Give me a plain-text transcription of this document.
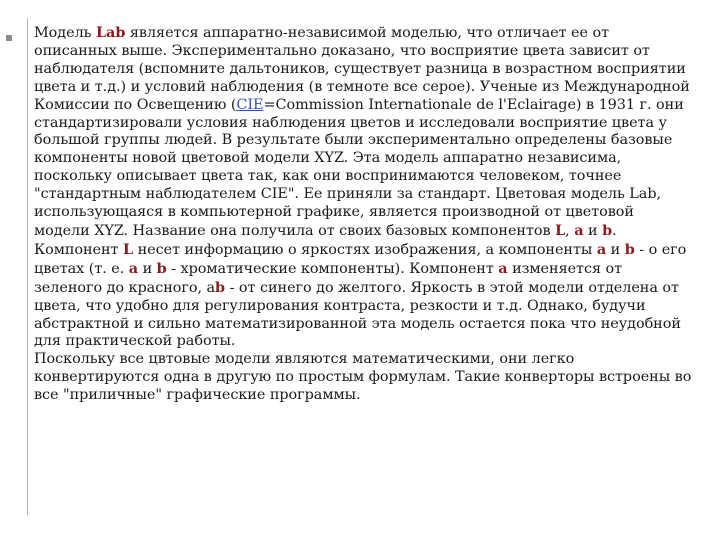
Модель Lab является аппаратно-независимой моделью, что отличает ее от описанных выше. Экспериментально доказано, что восприятие цвета зависит от наблюдателя (вспомните дальтоников, существует разница в возрастном восприятии цвета и т.д.) и условий наблюдения (в темноте все серое). Ученые из Международной Комиссии по Освещению (CIE=Commission Internationale de l'Eclairage) в 1931 г. они стандартизировали условия наблюдения цветов и исследовали восприятие цвета у большой группы людей. В результате были экспериментально определены базовые компоненты новой цветовой модели XYZ. Эта модель аппаратно независима, поскольку описывает цвета так, как они воспринимаются человеком, точнее "стандартным наблюдателем CIE". Ее приняли за стандарт. Цветовая модель Lab, использующаяся в компьютерной графике, является производной от цветовой модели XYZ. Название она получила от своих базовых компонентов L, a и b. Компонент L несет информацию о яркостях изображения, а компоненты a и b - о его цветах (т. е. a и b - хроматические компоненты). Компонент a изменяется от зеленого до красного, аb - от синего до желтого. Яркость в этой модели отделена от цвета, что удобно для регулирования контраста, резкости и т.д. Однако, будучи абстрактной и сильно математизированной эта модель остается пока что неудобной для практической работы.

Поскольку все цвтовые модели являются математическими, они легко конвертируются одна в другую по простым формулам. Такие конверторы встроены во все "приличные" графические программы.
